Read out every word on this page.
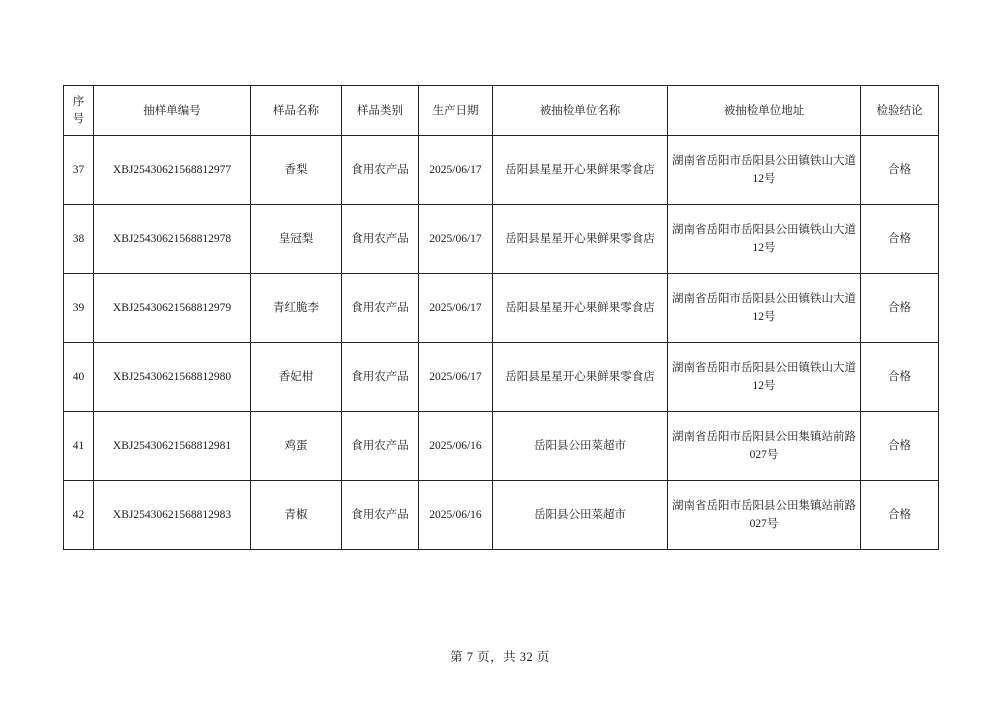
序号	抽样单编号	样品名称	样品类别	生产日期	被抽检单位名称	被抽检单位地址	检验结论
37	XBJ25430621568812977	香梨	食用农产品	2025/06/17	岳阳县星星开心果鲜果零食店	湖南省岳阳市岳阳县公田镇铁山大道12号	合格
38	XBJ25430621568812978	皇冠梨	食用农产品	2025/06/17	岳阳县星星开心果鲜果零食店	湖南省岳阳市岳阳县公田镇铁山大道12号	合格
39	XBJ25430621568812979	青红脆李	食用农产品	2025/06/17	岳阳县星星开心果鲜果零食店	湖南省岳阳市岳阳县公田镇铁山大道12号	合格
40	XBJ25430621568812980	香妃柑	食用农产品	2025/06/17	岳阳县星星开心果鲜果零食店	湖南省岳阳市岳阳县公田镇铁山大道12号	合格
41	XBJ25430621568812981	鸡蛋	食用农产品	2025/06/16	岳阳县公田菜超市	湖南省岳阳市岳阳县公田集镇站前路027号	合格
42	XBJ25430621568812983	青椒	食用农产品	2025/06/16	岳阳县公田菜超市	湖南省岳阳市岳阳县公田集镇站前路027号	合格
第 7 页，共 32 页
